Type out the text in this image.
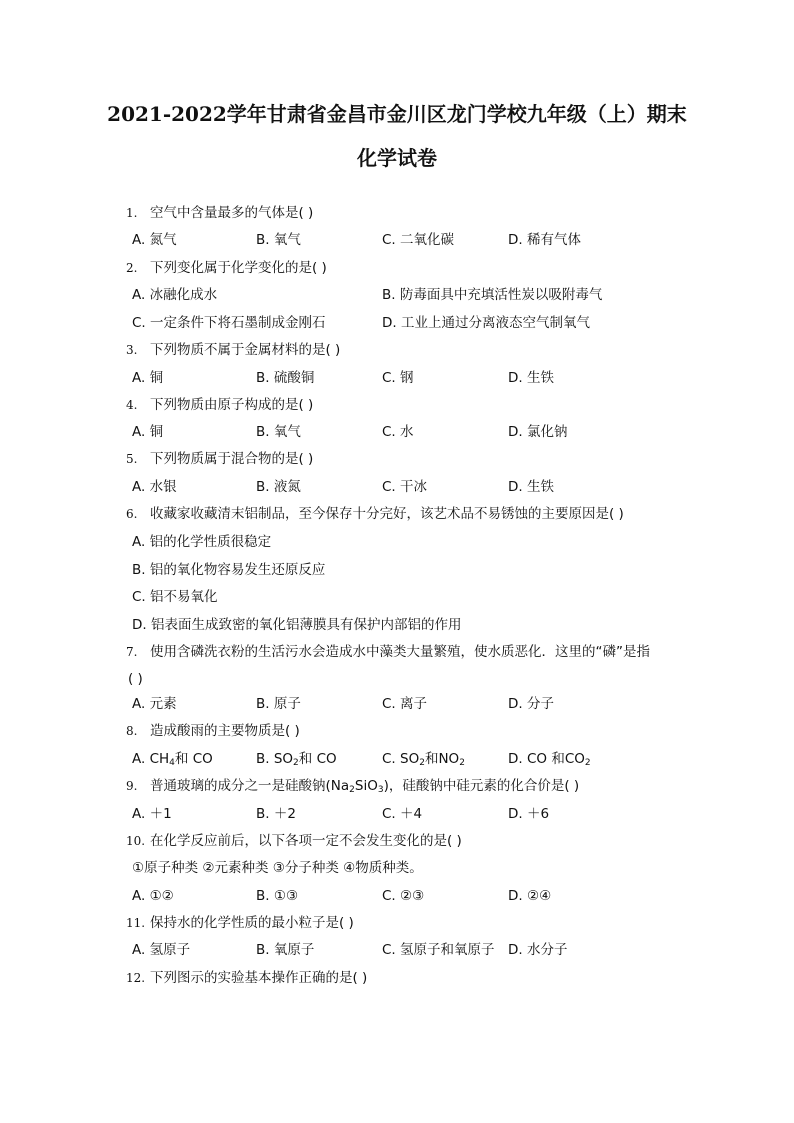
2021-2022学年甘肃省金昌市金川区龙门学校九年级（上）期末
化学试卷
1. 空气中含量最多的气体是( )
A. 氮气	B. 氧气	C. 二氧化碳	D. 稀有气体
2. 下列变化属于化学变化的是( )
A. 冰融化成水	B. 防毒面具中充填活性炭以吸附毒气
C. 一定条件下将石墨制成金刚石	D. 工业上通过分离液态空气制氧气
3. 下列物质不属于金属材料的是( )
A. 铜	B. 硫酸铜	C. 钢	D. 生铁
4. 下列物质由原子构成的是( )
A. 铜	B. 氧气	C. 水	D. 氯化钠
5. 下列物质属于混合物的是( )
A. 水银	B. 液氮	C. 干冰	D. 生铁
6. 收藏家收藏清末铝制品，至今保存十分完好，该艺术品不易锈蚀的主要原因是( )
A. 铝的化学性质很稳定
B. 铝的氧化物容易发生还原反应
C. 铝不易氧化
D. 铝表面生成致密的氧化铝薄膜具有保护内部铝的作用
7. 使用含磷洗衣粉的生活污水会造成水中藻类大量繁殖，使水质恶化．这里的“磷”是指
( )
A. 元素	B. 原子	C. 离子	D. 分子
8. 造成酸雨的主要物质是( )
A. $CH_4$和 CO	B. $SO_2$和 CO	C. $SO_2$和$NO_2$	D. CO 和$CO_2$
9. 普通玻璃的成分之一是硅酸钠$(Na_2SiO_3)$，硅酸钠中硅元素的化合价是( )
A. ＋1	B. ＋2	C. ＋4	D. ＋6
10. 在化学反应前后，以下各项一定不会发生变化的是( )
①原子种类 ②元素种类 ③分子种类 ④物质种类。
A. ①②	B. ①③	C. ②③	D. ②④
11. 保持水的化学性质的最小粒子是( )
A. 氢原子	B. 氧原子	C. 氢原子和氧原子 D. 水分子
12. 下列图示的实验基本操作正确的是( )
